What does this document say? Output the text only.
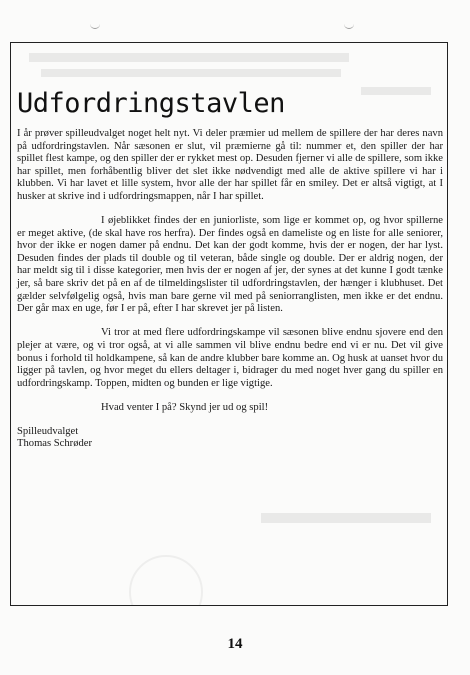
Udfordringstavlen

I år prøver spilleudvalget noget helt nyt. Vi deler præmier ud mellem de spillere der har deres navn på udfordringstavlen. Når sæsonen er slut, vil præmierne gå til: nummer et, den spiller der har spillet flest kampe, og den spiller der er rykket mest op. Desuden fjerner vi alle de spillere, som ikke har spillet, men forhåbentlig bliver det slet ikke nødvendigt med alle de aktive spillere vi har i klubben. Vi har lavet et lille system, hvor alle der har spillet får en smiley. Det er altså vigtigt, at I husker at skrive ind i udfordringsmappen, når I har spillet.

I øjeblikket findes der en juniorliste, som lige er kommet op, og hvor spillerne er meget aktive, (de skal have ros herfra). Der findes også en dameliste og en liste for alle seniorer, hvor der ikke er nogen damer på endnu. Det kan der godt komme, hvis der er nogen, der har lyst. Desuden findes der plads til double og til veteran, både single og double. Der er aldrig nogen, der har meldt sig til i disse kategorier, men hvis der er nogen af jer, der synes at det kunne I godt tænke jer, så bare skriv det på en af de tilmeldingslister til udfordringstavlen, der hænger i klubhuset. Det gælder selvfølgelig også, hvis man bare gerne vil med på seniorranglisten, men ikke er det endnu. Der går max en uge, før I er på, efter I har skrevet jer på listen.

Vi tror at med flere udfordringskampe vil sæsonen blive endnu sjovere end den plejer at være, og vi tror også, at vi alle sammen vil blive endnu bedre end vi er nu. Det vil give bonus i forhold til holdkampene, så kan de andre klubber bare komme an. Og husk at uanset hvor du ligger på tavlen, og hvor meget du ellers deltager i, bidrager du med noget hver gang du spiller en udfordringskamp. Toppen, midten og bunden er lige vigtige.

Hvad venter I på? Skynd jer ud og spil!

Spilleudvalget

Thomas Schrøder

14
